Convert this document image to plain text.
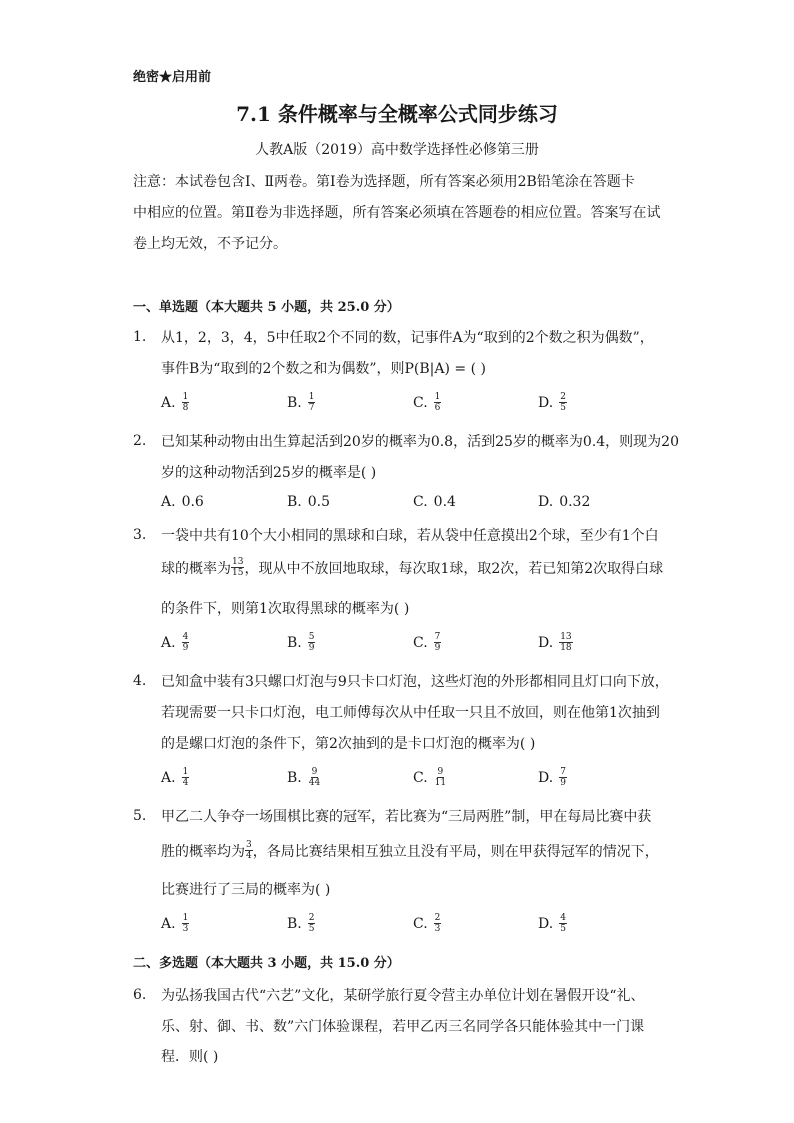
绝密★启用前
7.1 条件概率与全概率公式同步练习
人教A版（2019）高中数学选择性必修第三册
注意：本试卷包含Ⅰ、Ⅱ两卷。第Ⅰ卷为选择题，所有答案必须用2B铅笔涂在答题卡
中相应的位置。第Ⅱ卷为非选择题，所有答案必须填在答题卷的相应位置。答案写在试
卷上均无效，不予记分。
一、单选题（本大题共 5 小题，共 25.0 分）
1. 从1，2，3，4，5中任取2个不同的数，记事件A为“取到的2个数之积为偶数”，
事件B为“取到的2个数之和为偶数”，则P(B|A) = ( )
A. $\frac{1}{8}$	B. $\frac{1}{7}$	C. $\frac{1}{6}$	D. $\frac{2}{5}$
2. 已知某种动物由出生算起活到20岁的概率为0.8，活到25岁的概率为0.4，则现为20
岁的这种动物活到25岁的概率是( )
A. 0.6	B. 0.5	C. 0.4	D. 0.32
3. 一袋中共有10个大小相同的黑球和白球，若从袋中任意摸出2个球，至少有1个白
球的概率为 $\frac{13}{15}$ ，现从中不放回地取球，每次取1球，取2次，若已知第2次取得白球
的条件下，则第1次取得黑球的概率为( )
A. $\frac{4}{9}$	B. $\frac{5}{9}$	C. $\frac{7}{9}$	D. $\frac{13}{18}$
4. 已知盒中装有3只螺口灯泡与9只卡口灯泡，这些灯泡的外形都相同且灯口向下放，
若现需要一只卡口灯泡，电工师傅每次从中任取一只且不放回，则在他第1次抽到
的是螺口灯泡的条件下，第2次抽到的是卡口灯泡的概率为( )
A. $\frac{1}{4}$	B. $\frac{9}{44}$	C. $\frac{9}{11}$	D. $\frac{7}{9}$
5. 甲乙二人争夺一场围棋比赛的冠军，若比赛为“三局两胜”制，甲在每局比赛中获
胜的概率均为 $\frac{3}{4}$ ，各局比赛结果相互独立且没有平局，则在甲获得冠军的情况下，
比赛进行了三局的概率为( )
A. $\frac{1}{3}$	B. $\frac{2}{5}$	C. $\frac{2}{3}$	D. $\frac{4}{5}$
二、多选题（本大题共 3 小题，共 15.0 分）
6. 为弘扬我国古代“六艺”文化，某研学旅行夏令营主办单位计划在暑假开设“礼、
乐、射、御、书、数”六门体验课程，若甲乙丙三名同学各只能体验其中一门课
程．则( )
